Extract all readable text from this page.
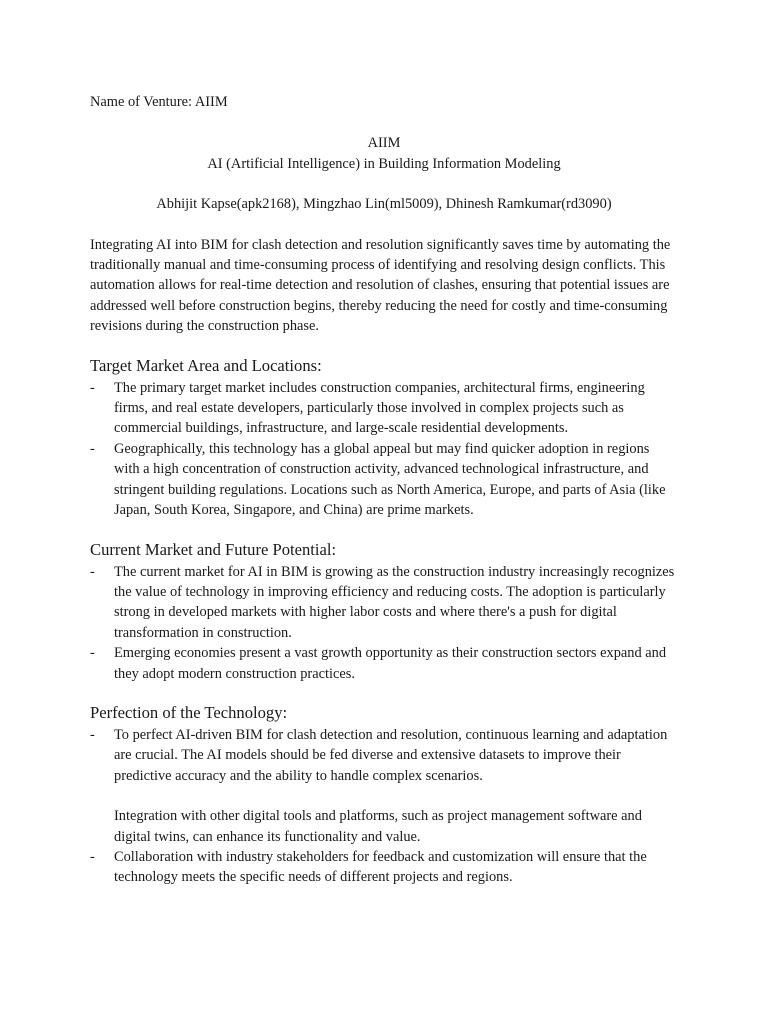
Name of Venture: AIIM

AIIM

AI (Artificial Intelligence) in Building Information Modeling

Abhijit Kapse(apk2168), Mingzhao Lin(ml5009), Dhinesh Ramkumar(rd3090)

Integrating AI into BIM for clash detection and resolution significantly saves time by automating the traditionally manual and time-consuming process of identifying and resolving design conflicts. This automation allows for real-time detection and resolution of clashes, ensuring that potential issues are addressed well before construction begins, thereby reducing the need for costly and time-consuming revisions during the construction phase.

Target Market Area and Locations:
- The primary target market includes construction companies, architectural firms, engineering firms, and real estate developers, particularly those involved in complex projects such as commercial buildings, infrastructure, and large-scale residential developments.
- Geographically, this technology has a global appeal but may find quicker adoption in regions with a high concentration of construction activity, advanced technological infrastructure, and stringent building regulations. Locations such as North America, Europe, and parts of Asia (like Japan, South Korea, Singapore, and China) are prime markets.
Current Market and Future Potential:
- The current market for AI in BIM is growing as the construction industry increasingly recognizes the value of technology in improving efficiency and reducing costs. The adoption is particularly strong in developed markets with higher labor costs and where there's a push for digital transformation in construction.
- Emerging economies present a vast growth opportunity as their construction sectors expand and they adopt modern construction practices.
Perfection of the Technology:
- To perfect AI-driven BIM for clash detection and resolution, continuous learning and adaptation are crucial. The AI models should be fed diverse and extensive datasets to improve their predictive accuracy and the ability to handle complex scenarios.
Integration with other digital tools and platforms, such as project management software and digital twins, can enhance its functionality and value.
- Collaboration with industry stakeholders for feedback and customization will ensure that the technology meets the specific needs of different projects and regions.
